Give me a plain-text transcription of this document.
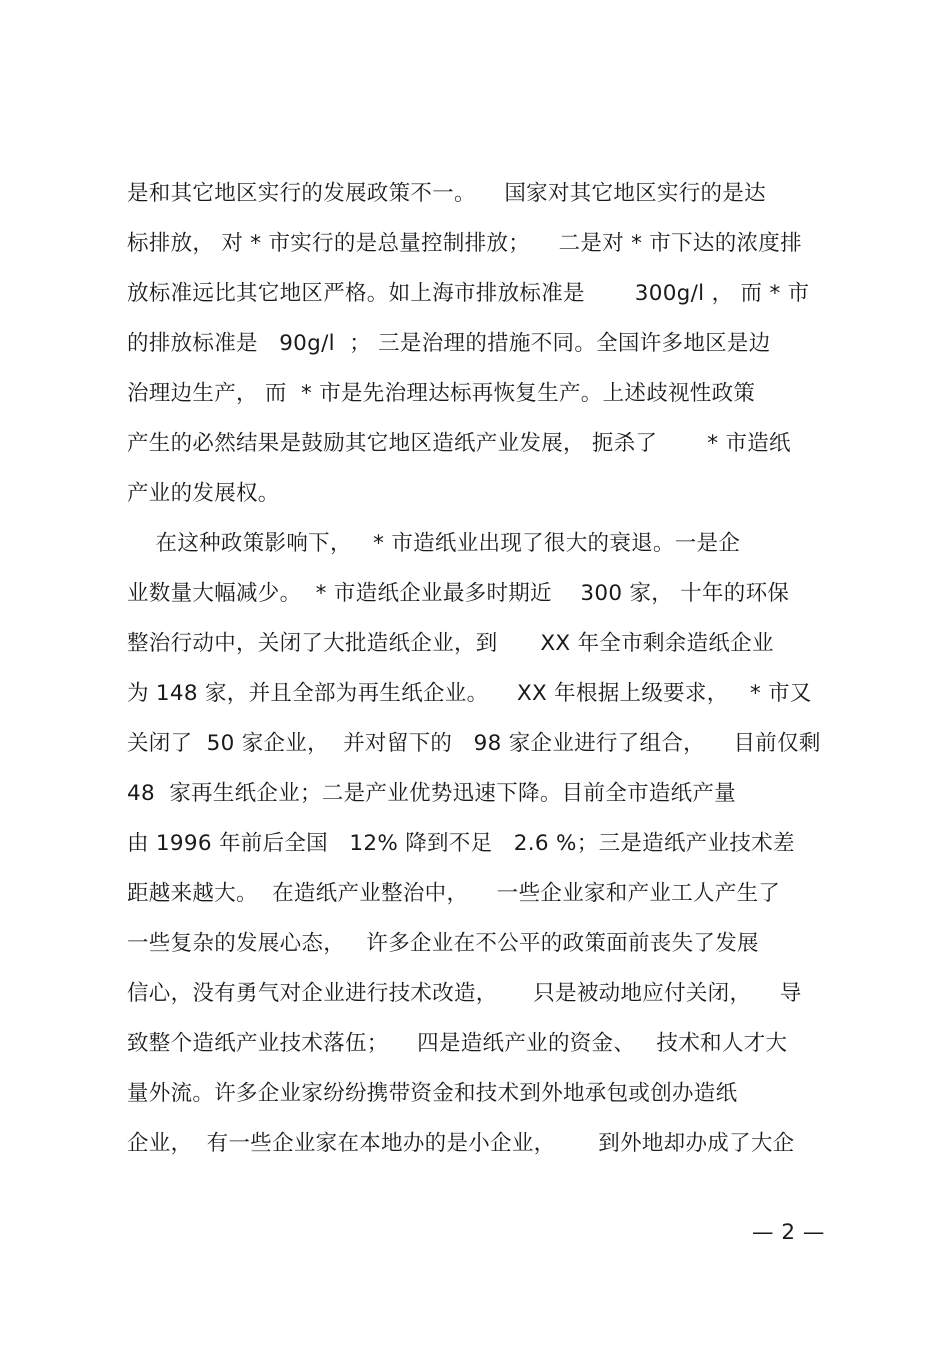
是和其它地区实行的发展政策不一。    国家对其它地区实行的是达
标排放， 对 * 市实行的是总量控制排放；    二是对 * 市下达的浓度排
放标准远比其它地区严格。如上海市排放标准是       300g/l ， 而 * 市
的排放标准是   90g/l  ； 三是治理的措施不同。全国许多地区是边
治理边生产， 而  * 市是先治理达标再恢复生产。上述歧视性政策
产生的必然结果是鼓励其它地区造纸产业发展， 扼杀了       * 市造纸
产业的发展权。
在这种政策影响下，   * 市造纸业出现了很大的衰退。一是企
业数量大幅减少。  * 市造纸企业最多时期近    300 家， 十年的环保
整治行动中，关闭了大批造纸企业，到      XX 年全市剩余造纸企业
为 148 家，并且全部为再生纸企业。    XX 年根据上级要求，   * 市又
关闭了  50 家企业，  并对留下的   98 家企业进行了组合，    目前仅剩
48  家再生纸企业；二是产业优势迅速下降。目前全市造纸产量
由 1996 年前后全国   12% 降到不足   2.6 %；三是造纸产业技术差
距越来越大。  在造纸产业整治中，    一些企业家和产业工人产生了
一些复杂的发展心态，   许多企业在不公平的政策面前丧失了发展
信心，没有勇气对企业进行技术改造，     只是被动地应付关闭，    导
致整个造纸产业技术落伍；    四是造纸产业的资金、   技术和人才大
量外流。许多企业家纷纷携带资金和技术到外地承包或创办造纸
企业，  有一些企业家在本地办的是小企业，      到外地却办成了大企
— 2 —
